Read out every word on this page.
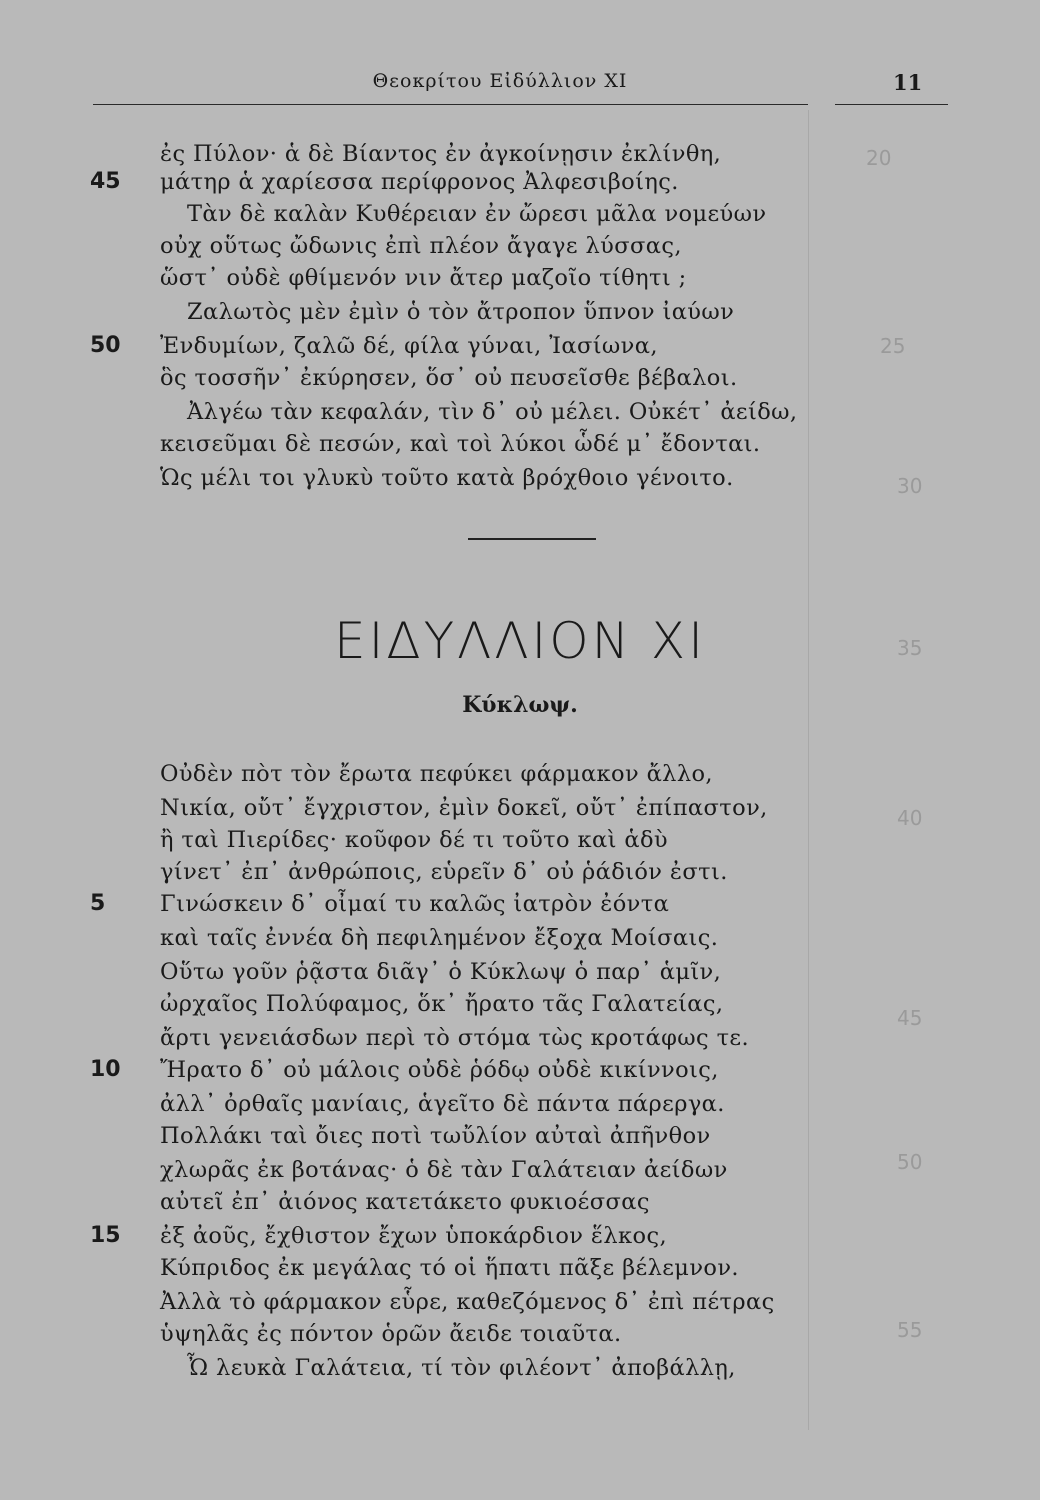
Θεοκρίτου Εἰδύλλιον XI	11
20
25
30
35
40
45
50
55
ἐς Πύλον· ἁ δὲ Βίαντος ἐν ἀγκοίνῃσιν ἐκλίνθη,
45 μάτηρ ἁ χαρίεσσα περίφρονος Ἀλφεσιβοίης.
Τὰν δὲ καλὰν Κυθέρειαν ἐν ὤρεσι μᾶλα νομεύων
οὐχ οὕτως ὤδωνις ἐπὶ πλέον ἄγαγε λύσσας,
ὥστ᾽ οὐδὲ φθίμενόν νιν ἄτερ μαζοῖο τίθητι ;
Ζαλωτὸς μὲν ἐμὶν ὁ τὸν ἄτροπον ὕπνον ἰαύων
50 Ἐνδυμίων, ζαλῶ δέ, φίλα γύναι, Ἰασίωνα,
ὃς τοσσῆν᾽ ἐκύρησεν, ὅσ᾽ οὐ πευσεῖσθε βέβαλοι.
Ἀλγέω τὰν κεφαλάν, τὶν δ᾽ οὐ μέλει. Οὐκέτ᾽ ἀείδω,
κεισεῦμαι δὲ πεσών, καὶ τοὶ λύκοι ὧδέ μ᾽ ἔδονται.
Ὡς μέλι τοι γλυκὺ τοῦτο κατὰ βρόχθοιο γένοιτο.
ΕΙΔΥΛΛΙΟΝ XI
Κύκλωψ.
Οὐδὲν πὸτ τὸν ἔρωτα πεφύκει φάρμακον ἄλλο,
Νικία, οὔτ᾽ ἔγχριστον, ἐμὶν δοκεῖ, οὔτ᾽ ἐπίπαστον,
ἢ ταὶ Πιερίδες· κοῦφον δέ τι τοῦτο καὶ ἁδὺ
γίνετ᾽ ἐπ᾽ ἀνθρώποις, εὑρεῖν δ᾽ οὐ ῥάδιόν ἐστι.
5 Γινώσκειν δ᾽ οἶμαί τυ καλῶς ἰατρὸν ἐόντα
καὶ ταῖς ἐννέα δὴ πεφιλημένον ἔξοχα Μοίσαις.
Οὕτω γοῦν ῥᾷστα διᾶγ᾽ ὁ Κύκλωψ ὁ παρ᾽ ἁμῖν,
ὠρχαῖος Πολύφαμος, ὅκ᾽ ἤρατο τᾶς Γαλατείας,
ἄρτι γενειάσδων περὶ τὸ στόμα τὼς κροτάφως τε.
10 Ἤρατο δ᾽ οὐ μάλοις οὐδὲ ῥόδῳ οὐδὲ κικίννοις,
ἀλλ᾽ ὀρθαῖς μανίαις, ἁγεῖτο δὲ πάντα πάρεργα.
Πολλάκι ταὶ ὄιες ποτὶ τωὔλίον αὐταὶ ἀπῆνθον
χλωρᾶς ἐκ βοτάνας· ὁ δὲ τὰν Γαλάτειαν ἀείδων
αὐτεῖ ἐπ᾽ ἀιόνος κατετάκετο φυκιοέσσας
15 ἐξ ἀοῦς, ἔχθιστον ἔχων ὑποκάρδιον ἕλκος,
Κύπριδος ἐκ μεγάλας τό οἱ ἥπατι πᾶξε βέλεμνον.
Ἀλλὰ τὸ φάρμακον εὗρε, καθεζόμενος δ᾽ ἐπὶ πέτρας
ὑψηλᾶς ἐς πόντον ὁρῶν ἄειδε τοιαῦτα.
Ὦ λευκὰ Γαλάτεια, τί τὸν φιλέοντ᾽ ἀποβάλλῃ,
